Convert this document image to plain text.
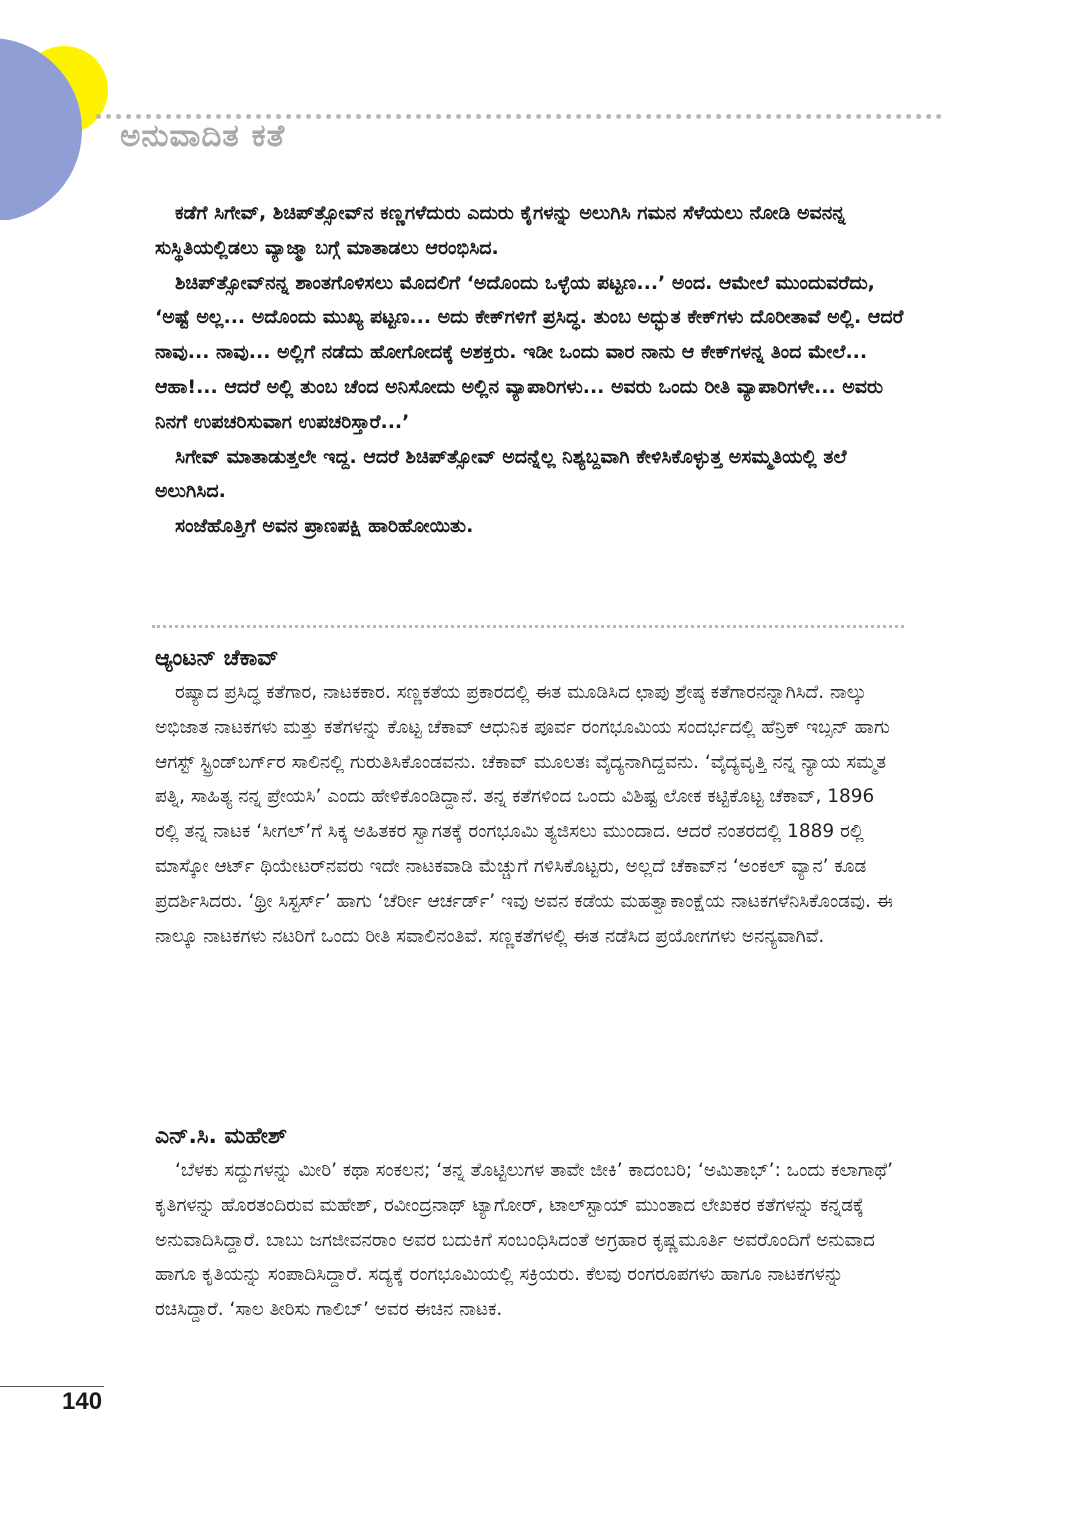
ಅನುವಾದಿತ ಕತೆ

ಕಡೆಗೆ ಸಿಗೇವ್, ಶಿಚಿಪ್‌ತ್ಸೋವ್‌ನ ಕಣ್ಣಗಳೆದುರು ಎದುರು ಕೈಗಳನ್ನು ಅಲುಗಿಸಿ ಗಮನ ಸೆಳೆಯಲು ನೋಡಿ ಅವನನ್ನ ಸುಸ್ಥಿತಿಯಲ್ಲಿಡಲು ವ್ಯಾಜ್ಮಾ ಬಗ್ಗೆ ಮಾತಾಡಲು ಆರಂಭಿಸಿದ.

ಶಿಚಿಪ್‌ತ್ಸೋವ್‌ನನ್ನ ಶಾಂತಗೊಳಿಸಲು ಮೊದಲಿಗೆ ‘ಅದೊಂದು ಒಳ್ಳೆಯ ಪಟ್ಟಣ...’ ಅಂದ. ಆಮೇಲೆ ಮುಂದುವರೆದು, ‘ಅಷ್ಟೆ ಅಲ್ಲ... ಅದೊಂದು ಮುಖ್ಯ ಪಟ್ಟಣ... ಅದು ಕೇಕ್‌ಗಳಿಗೆ ಪ್ರಸಿದ್ಧ. ತುಂಬ ಅದ್ಭುತ ಕೇಕ್‌ಗಳು ದೊರೀತಾವೆ ಅಲ್ಲಿ. ಆದರೆ ನಾವು... ನಾವು... ಅಲ್ಲಿಗೆ ನಡೆದು ಹೋಗೋದಕ್ಕೆ ಅಶಕ್ತರು. ಇಡೀ ಒಂದು ವಾರ ನಾನು ಆ ಕೇಕ್‌ಗಳನ್ನ ತಿಂದ ಮೇಲೆ... ಆಹಾ!... ಆದರೆ ಅಲ್ಲಿ ತುಂಬ ಚೆಂದ ಅನಿಸೋದು ಅಲ್ಲಿನ ವ್ಯಾಪಾರಿಗಳು... ಅವರು ಒಂದು ರೀತಿ ವ್ಯಾಪಾರಿಗಳೇ... ಅವರು ನಿನಗೆ ಉಪಚರಿಸುವಾಗ ಉಪಚರಿಸ್ತಾರೆ...’

ಸಿಗೇವ್ ಮಾತಾಡುತ್ತಲೇ ಇದ್ದ. ಆದರೆ ಶಿಚಿಪ್‌ತ್ಸೋವ್ ಅದನ್ನೆಲ್ಲ ನಿಶ್ಯಬ್ದವಾಗಿ ಕೇಳಿಸಿಕೊಳ್ಳುತ್ತ ಅಸಮ್ಮತಿಯಲ್ಲಿ ತಲೆ ಅಲುಗಿಸಿದ.

ಸಂಜೆಹೊತ್ತಿಗೆ ಅವನ ಪ್ರಾಣಪಕ್ಷಿ ಹಾರಿಹೋಯಿತು.

ಆ್ಯಂಟನ್ ಚೆಕಾವ್

ರಷ್ಯಾದ ಪ್ರಸಿದ್ಧ ಕತೆಗಾರ, ನಾಟಕಕಾರ. ಸಣ್ಣಕತೆಯ ಪ್ರಕಾರದಲ್ಲಿ ಈತ ಮೂಡಿಸಿದ ಛಾಪು ಶ್ರೇಷ್ಠ ಕತೆಗಾರನನ್ನಾಗಿಸಿದೆ. ನಾಲ್ಕು ಅಭಿಜಾತ ನಾಟಕಗಳು ಮತ್ತು ಕತೆಗಳನ್ನು ಕೊಟ್ಟ ಚೆಕಾವ್ ಆಧುನಿಕ ಪೂರ್ವ ರಂಗಭೂಮಿಯ ಸಂದರ್ಭದಲ್ಲಿ ಹೆನ್ರಿಕ್ ಇಬ್ಸನ್ ಹಾಗು ಆಗಸ್ಟ್ ಸ್ಟ್ರಿಂಡ್‌ಬರ್ಗ್‌ರ ಸಾಲಿನಲ್ಲಿ ಗುರುತಿಸಿಕೊಂಡವನು. ಚೆಕಾವ್ ಮೂಲತಃ ವೈದ್ಯನಾಗಿದ್ದವನು. ‘ವೈದ್ಯವೃತ್ತಿ ನನ್ನ ನ್ಯಾಯ ಸಮ್ಮತ ಪತ್ನಿ, ಸಾಹಿತ್ಯ ನನ್ನ ಪ್ರೇಯಸಿ’ ಎಂದು ಹೇಳಿಕೊಂಡಿದ್ದಾನೆ. ತನ್ನ ಕತೆಗಳಿಂದ ಒಂದು ವಿಶಿಷ್ಟ ಲೋಕ ಕಟ್ಟಿಕೊಟ್ಟ ಚೆಕಾವ್, 1896 ರಲ್ಲಿ ತನ್ನ ನಾಟಕ ‘ಸೀಗಲ್’ಗೆ ಸಿಕ್ಕ ಅಹಿತಕರ ಸ್ವಾಗತಕ್ಕೆ ರಂಗಭೂಮಿ ತ್ಯಜಿಸಲು ಮುಂದಾದ. ಆದರೆ ನಂತರದಲ್ಲಿ 1889 ರಲ್ಲಿ ಮಾಸ್ಕೋ ಆರ್ಟ್ ಥಿಯೇಟರ್‌ನವರು ಇದೇ ನಾಟಕವಾಡಿ ಮೆಚ್ಚುಗೆ ಗಳಿಸಿಕೊಟ್ಟರು, ಅಲ್ಲದೆ ಚೆಕಾವ್‌ನ ‘ಅಂಕಲ್ ವ್ಯಾನ’ ಕೂಡ ಪ್ರದರ್ಶಿಸಿದರು. ‘ಥ್ರೀ ಸಿಸ್ಟರ್ಸ್’ ಹಾಗು ‘ಚೆರ್ರೀ ಆರ್ಚರ್ಡ್’ ಇವು ಅವನ ಕಡೆಯ ಮಹತ್ವಾಕಾಂಕ್ಷೆಯ ನಾಟಕಗಳೆನಿಸಿಕೊಂಡವು. ಈ ನಾಲ್ಕೂ ನಾಟಕಗಳು ನಟರಿಗೆ ಒಂದು ರೀತಿ ಸವಾಲಿನಂತಿವೆ. ಸಣ್ಣಕತೆಗಳಲ್ಲಿ ಈತ ನಡೆಸಿದ ಪ್ರಯೋಗಗಳು ಅನನ್ಯವಾಗಿವೆ.

ಎನ್.ಸಿ. ಮಹೇಶ್

‘ಬೆಳಕು ಸದ್ದುಗಳನ್ನು ಮೀರಿ’ ಕಥಾ ಸಂಕಲನ; ‘ತನ್ನ ತೊಟ್ಟಿಲುಗಳ ತಾವೇ ಜೀಕಿ’ ಕಾದಂಬರಿ; ‘ಅಮಿತಾಭ್’: ಒಂದು ಕಲಾಗಾಥೆ’ ಕೃತಿಗಳನ್ನು ಹೊರತಂದಿರುವ ಮಹೇಶ್, ರವೀಂದ್ರನಾಥ್ ಟ್ಯಾಗೋರ್, ಟಾಲ್‌ಸ್ಟಾಯ್ ಮುಂತಾದ ಲೇಖಕರ ಕತೆಗಳನ್ನು ಕನ್ನಡಕ್ಕೆ ಅನುವಾದಿಸಿದ್ದಾರೆ. ಬಾಬು ಜಗಜೀವನರಾಂ ಅವರ ಬದುಕಿಗೆ ಸಂಬಂಧಿಸಿದಂತೆ ಅಗ್ರಹಾರ ಕೃಷ್ಣಮೂರ್ತಿ ಅವರೊಂದಿಗೆ ಅನುವಾದ ಹಾಗೂ ಕೃತಿಯನ್ನು ಸಂಪಾದಿಸಿದ್ದಾರೆ. ಸದ್ಯಕ್ಕೆ ರಂಗಭೂಮಿಯಲ್ಲಿ ಸಕ್ರಿಯರು. ಕೆಲವು ರಂಗರೂಪಗಳು ಹಾಗೂ ನಾಟಕಗಳನ್ನು ರಚಿಸಿದ್ದಾರೆ. ‘ಸಾಲ ತೀರಿಸು ಗಾಲಿಬ್’ ಅವರ ಈಚಿನ ನಾಟಕ.

140
